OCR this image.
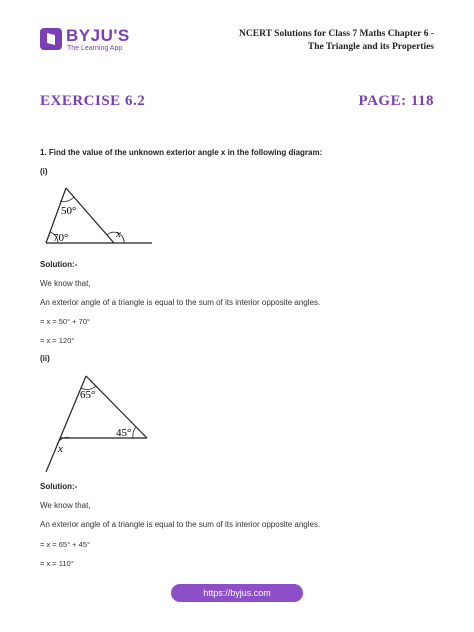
BYJU'S
The Learning App
NCERT Solutions for Class 7 Maths Chapter 6 -
The Triangle and its Properties
EXERCISE 6.2	PAGE: 118
1. Find the value of the unknown exterior angle x in the following diagram:
(i)
50°
70°	x
Solution:-
We know that,
An exterior angle of a triangle is equal to the sum of its interior opposite angles.
= x = 50° + 70°
= x = 120°
(ii)
65°
45°
x
Solution:-
We know that,
An exterior angle of a triangle is equal to the sum of its interior opposite angles.
= x = 65° + 45°
= x = 110°
https://byjus.com
